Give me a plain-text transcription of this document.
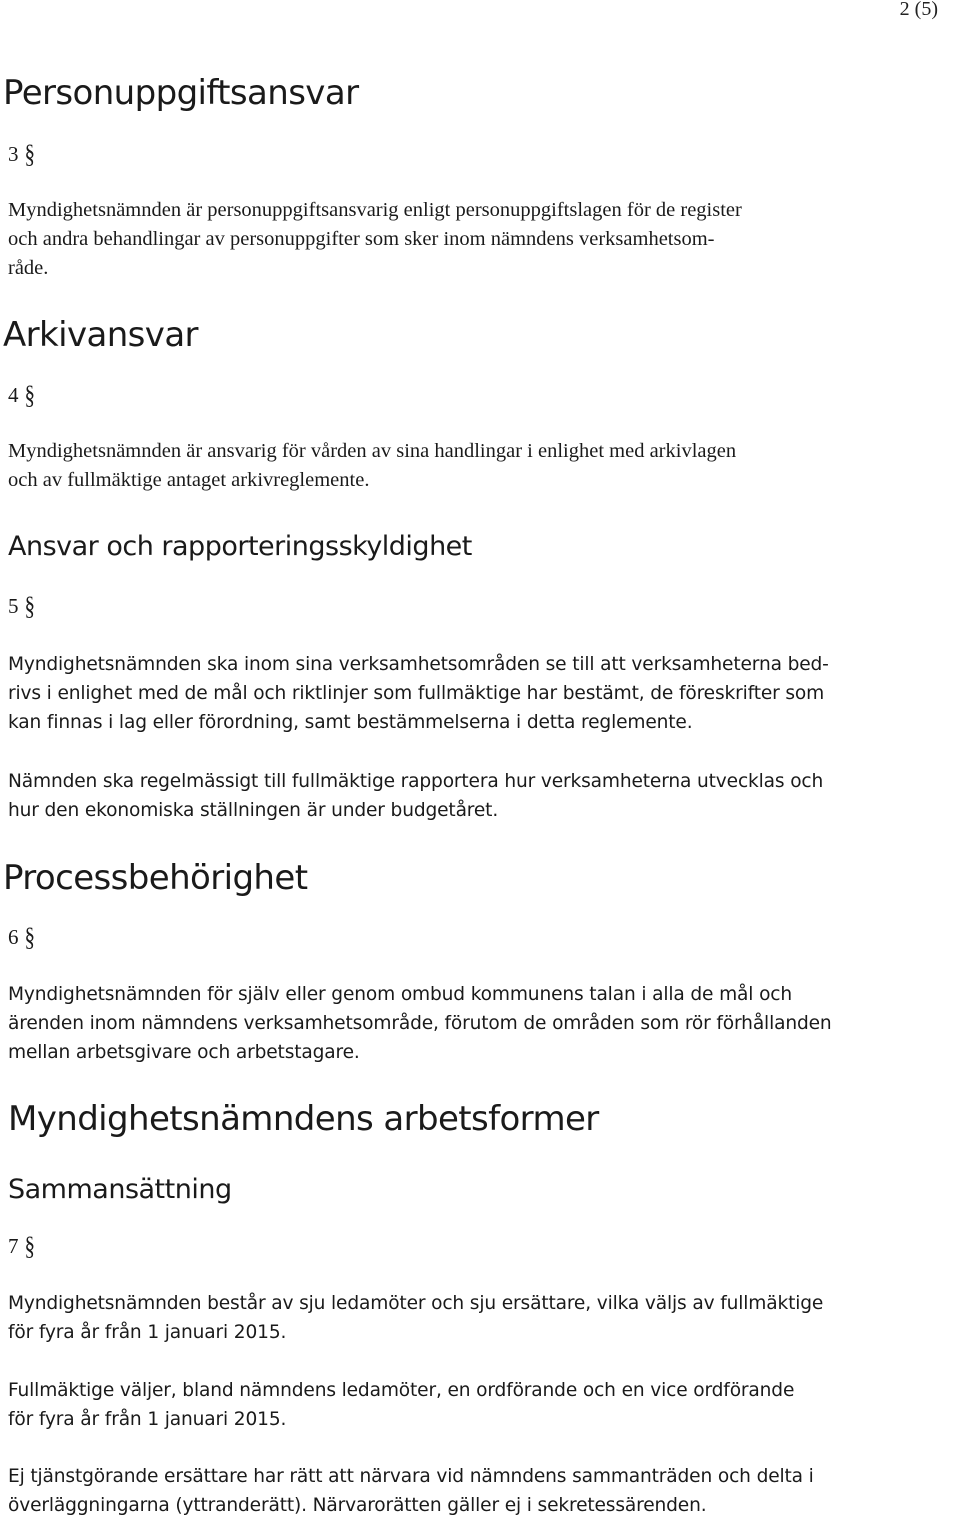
2 (5)
Personuppgiftsansvar
3 §
Myndighetsnämnden är personuppgiftsansvarig enligt personuppgiftslagen för de register
och andra behandlingar av personuppgifter som sker inom nämndens verksamhetsom-
råde.
Arkivansvar
4 §
Myndighetsnämnden är ansvarig för vården av sina handlingar i enlighet med arkivlagen
och av fullmäktige antaget arkivreglemente.
Ansvar och rapporteringsskyldighet
5 §
Myndighetsnämnden ska inom sina verksamhetsområden se till att verksamheterna bed-
rivs i enlighet med de mål och riktlinjer som fullmäktige har bestämt, de föreskrifter som
kan finnas i lag eller förordning, samt bestämmelserna i detta reglemente.
Nämnden ska regelmässigt till fullmäktige rapportera hur verksamheterna utvecklas och
hur den ekonomiska ställningen är under budgetåret.
Processbehörighet
6 §
Myndighetsnämnden för själv eller genom ombud kommunens talan i alla de mål och
ärenden inom nämndens verksamhetsområde, förutom de områden som rör förhållanden
mellan arbetsgivare och arbetstagare.
Myndighetsnämndens arbetsformer
Sammansättning
7 §
Myndighetsnämnden består av sju ledamöter och sju ersättare, vilka väljs av fullmäktige
för fyra år från 1 januari 2015.
Fullmäktige väljer, bland nämndens ledamöter, en ordförande och en vice ordförande
för fyra år från 1 januari 2015.
Ej tjänstgörande ersättare har rätt att närvara vid nämndens sammanträden och delta i
överläggningarna (yttranderätt). Närvarorätten gäller ej i sekretessärenden.
